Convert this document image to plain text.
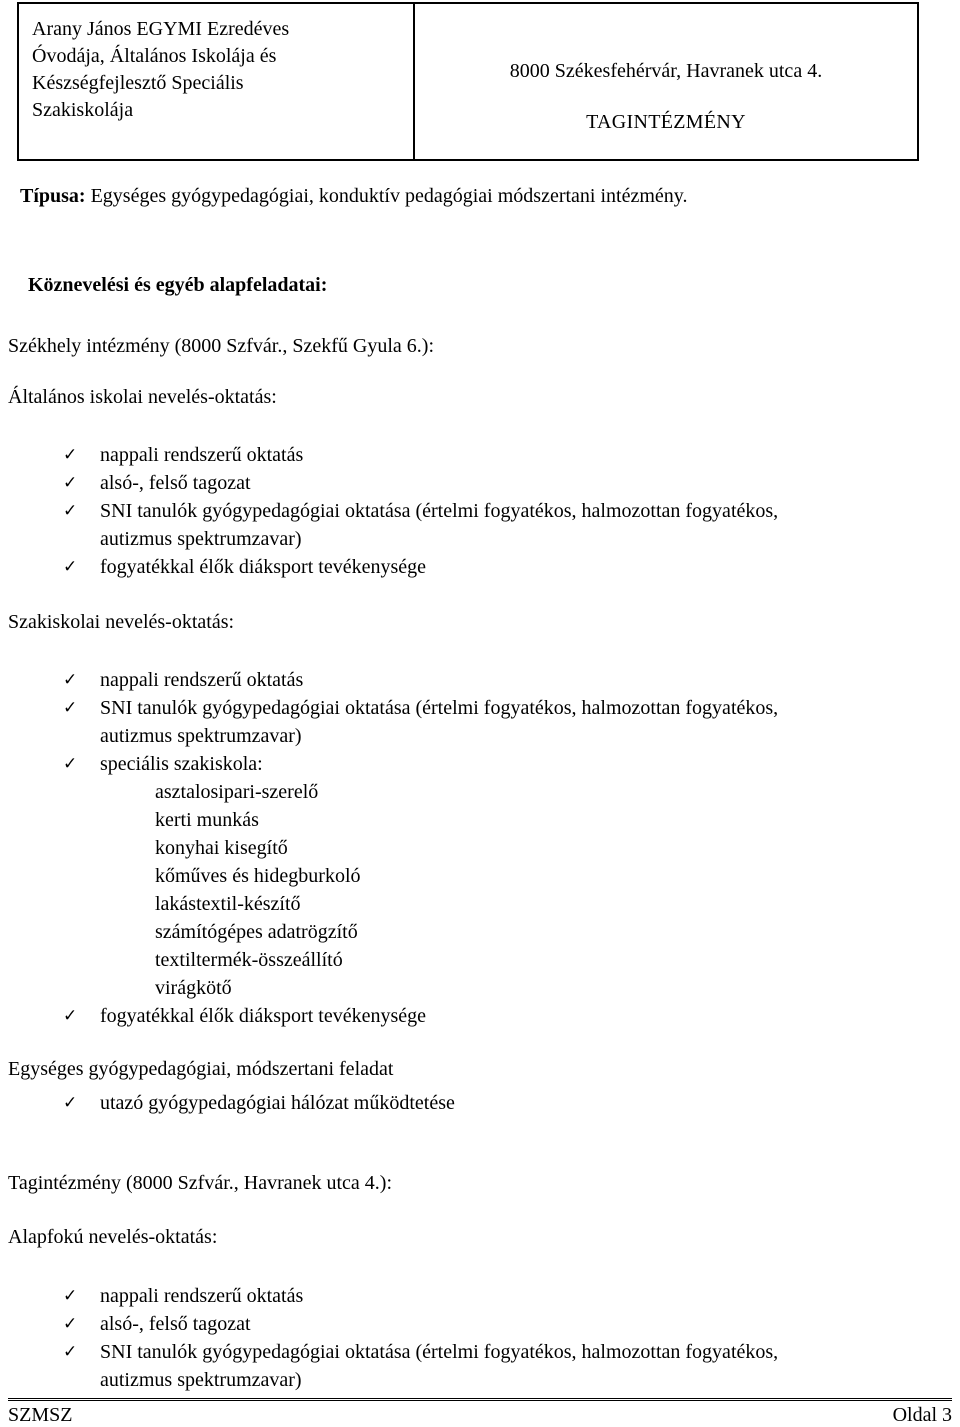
Arany János EGYMI Ezredéves
Óvodája, Általános Iskolája és
Készségfejlesztő Speciális
Szakiskolája
8000 Székesfehérvár, Havranek utca 4.
TAGINTÉZMÉNY
Típusa: Egységes gyógypedagógiai, konduktív pedagógiai módszertani intézmény.
Köznevelési és egyéb alapfeladatai:
Székhely intézmény (8000 Szfvár., Szekfű Gyula 6.):
Általános iskolai nevelés-oktatás:
✓ nappali rendszerű oktatás
✓ alsó-, felső tagozat
✓ SNI tanulók gyógypedagógiai oktatása (értelmi fogyatékos, halmozottan fogyatékos,
autizmus spektrumzavar)
✓ fogyatékkal élők diáksport tevékenysége
Szakiskolai nevelés-oktatás:
✓ nappali rendszerű oktatás
✓ SNI tanulók gyógypedagógiai oktatása (értelmi fogyatékos, halmozottan fogyatékos,
autizmus spektrumzavar)
✓ speciális szakiskola:
asztalosipari-szerelő
kerti munkás
konyhai kisegítő
kőműves és hidegburkoló
lakástextil-készítő
számítógépes adatrögzítő
textiltermék-összeállító
virágkötő
✓ fogyatékkal élők diáksport tevékenysége
Egységes gyógypedagógiai, módszertani feladat
✓ utazó gyógypedagógiai hálózat működtetése
Tagintézmény (8000 Szfvár., Havranek utca 4.):
Alapfokú nevelés-oktatás:
✓ nappali rendszerű oktatás
✓ alsó-, felső tagozat
✓ SNI tanulók gyógypedagógiai oktatása (értelmi fogyatékos, halmozottan fogyatékos,
autizmus spektrumzavar)
SZMSZ	Oldal 3
